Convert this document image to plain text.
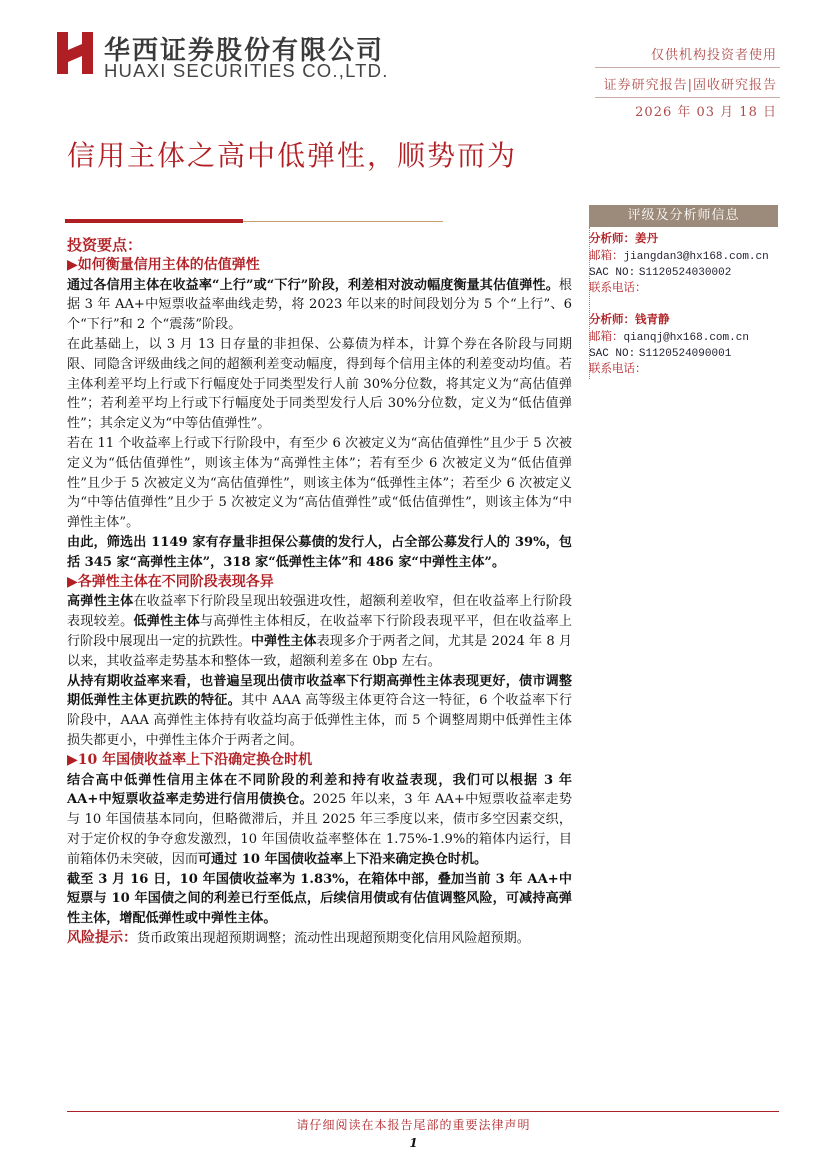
华西证券股份有限公司
HUAXI SECURITIES CO.,LTD.
仅供机构投资者使用
证券研究报告|固收研究报告
2026 年 03 月 18 日
信用主体之高中低弹性，顺势而为
评级及分析师信息
分析师：姜丹
邮箱：jiangdan3@hx168.com.cn
SAC NO: S1120524030002
联系电话：
分析师：钱青静
邮箱：qianqj@hx168.com.cn
SAC NO: S1120524090001
联系电话：

投资要点：

▶如何衡量信用主体的估值弹性

通过各信用主体在收益率“上行”或“下行”阶段，利差相对波动幅度衡量其估值弹性。根据 3 年 AA+中短票收益率曲线走势，将 2023 年以来的时间段划分为 5 个“上行”、6 个“下行”和 2 个“震荡”阶段。

在此基础上，以 3 月 13 日存量的非担保、公募债为样本，计算个券在各阶段与同期限、同隐含评级曲线之间的超额利差变动幅度，得到每个信用主体的利差变动均值。若主体利差平均上行或下行幅度处于同类型发行人前 30%分位数，将其定义为“高估值弹性”；若利差平均上行或下行幅度处于同类型发行人后 30%分位数，定义为“低估值弹性”；其余定义为“中等估值弹性”。

若在 11 个收益率上行或下行阶段中，有至少 6 次被定义为“高估值弹性”且少于 5 次被定义为“低估值弹性”，则该主体为“高弹性主体”；若有至少 6 次被定义为“低估值弹性”且少于 5 次被定义为“高估值弹性”，则该主体为“低弹性主体”；若至少 6 次被定义为“中等估值弹性”且少于 5 次被定义为“高估值弹性”或“低估值弹性”，则该主体为“中弹性主体”。

由此，筛选出 1149 家有存量非担保公募债的发行人，占全部公募发行人的 39%，包括 345 家“高弹性主体”，318 家“低弹性主体”和 486 家“中弹性主体”。

▶各弹性主体在不同阶段表现各异

高弹性主体在收益率下行阶段呈现出较强进攻性，超额利差收窄，但在收益率上行阶段表现较差。低弹性主体与高弹性主体相反，在收益率下行阶段表现平平，但在收益率上行阶段中展现出一定的抗跌性。中弹性主体表现多介于两者之间，尤其是 2024 年 8 月以来，其收益率走势基本和整体一致，超额利差多在 0bp 左右。

从持有期收益率来看，也普遍呈现出债市收益率下行期高弹性主体表现更好，债市调整期低弹性主体更抗跌的特征。其中 AAA 高等级主体更符合这一特征，6 个收益率下行阶段中，AAA 高弹性主体持有收益均高于低弹性主体，而 5 个调整周期中低弹性主体损失都更小，中弹性主体介于两者之间。

▶10 年国债收益率上下沿确定换仓时机

结合高中低弹性信用主体在不同阶段的利差和持有收益表现，我们可以根据 3 年 AA+中短票收益率走势进行信用债换仓。2025 年以来，3 年 AA+中短票收益率走势与 10 年国债基本同向，但略微滞后，并且 2025 年三季度以来，债市多空因素交织，对于定价权的争夺愈发激烈，10 年国债收益率整体在 1.75%-1.9%的箱体内运行，目前箱体仍未突破，因而可通过 10 年国债收益率上下沿来确定换仓时机。

截至 3 月 16 日，10 年国债收益率为 1.83%，在箱体中部，叠加当前 3 年 AA+中短票与 10 年国债之间的利差已行至低点，后续信用债或有估值调整风险，可减持高弹性主体，增配低弹性或中弹性主体。

风险提示：货币政策出现超预期调整；流动性出现超预期变化信用风险超预期。

请仔细阅读在本报告尾部的重要法律声明
1
